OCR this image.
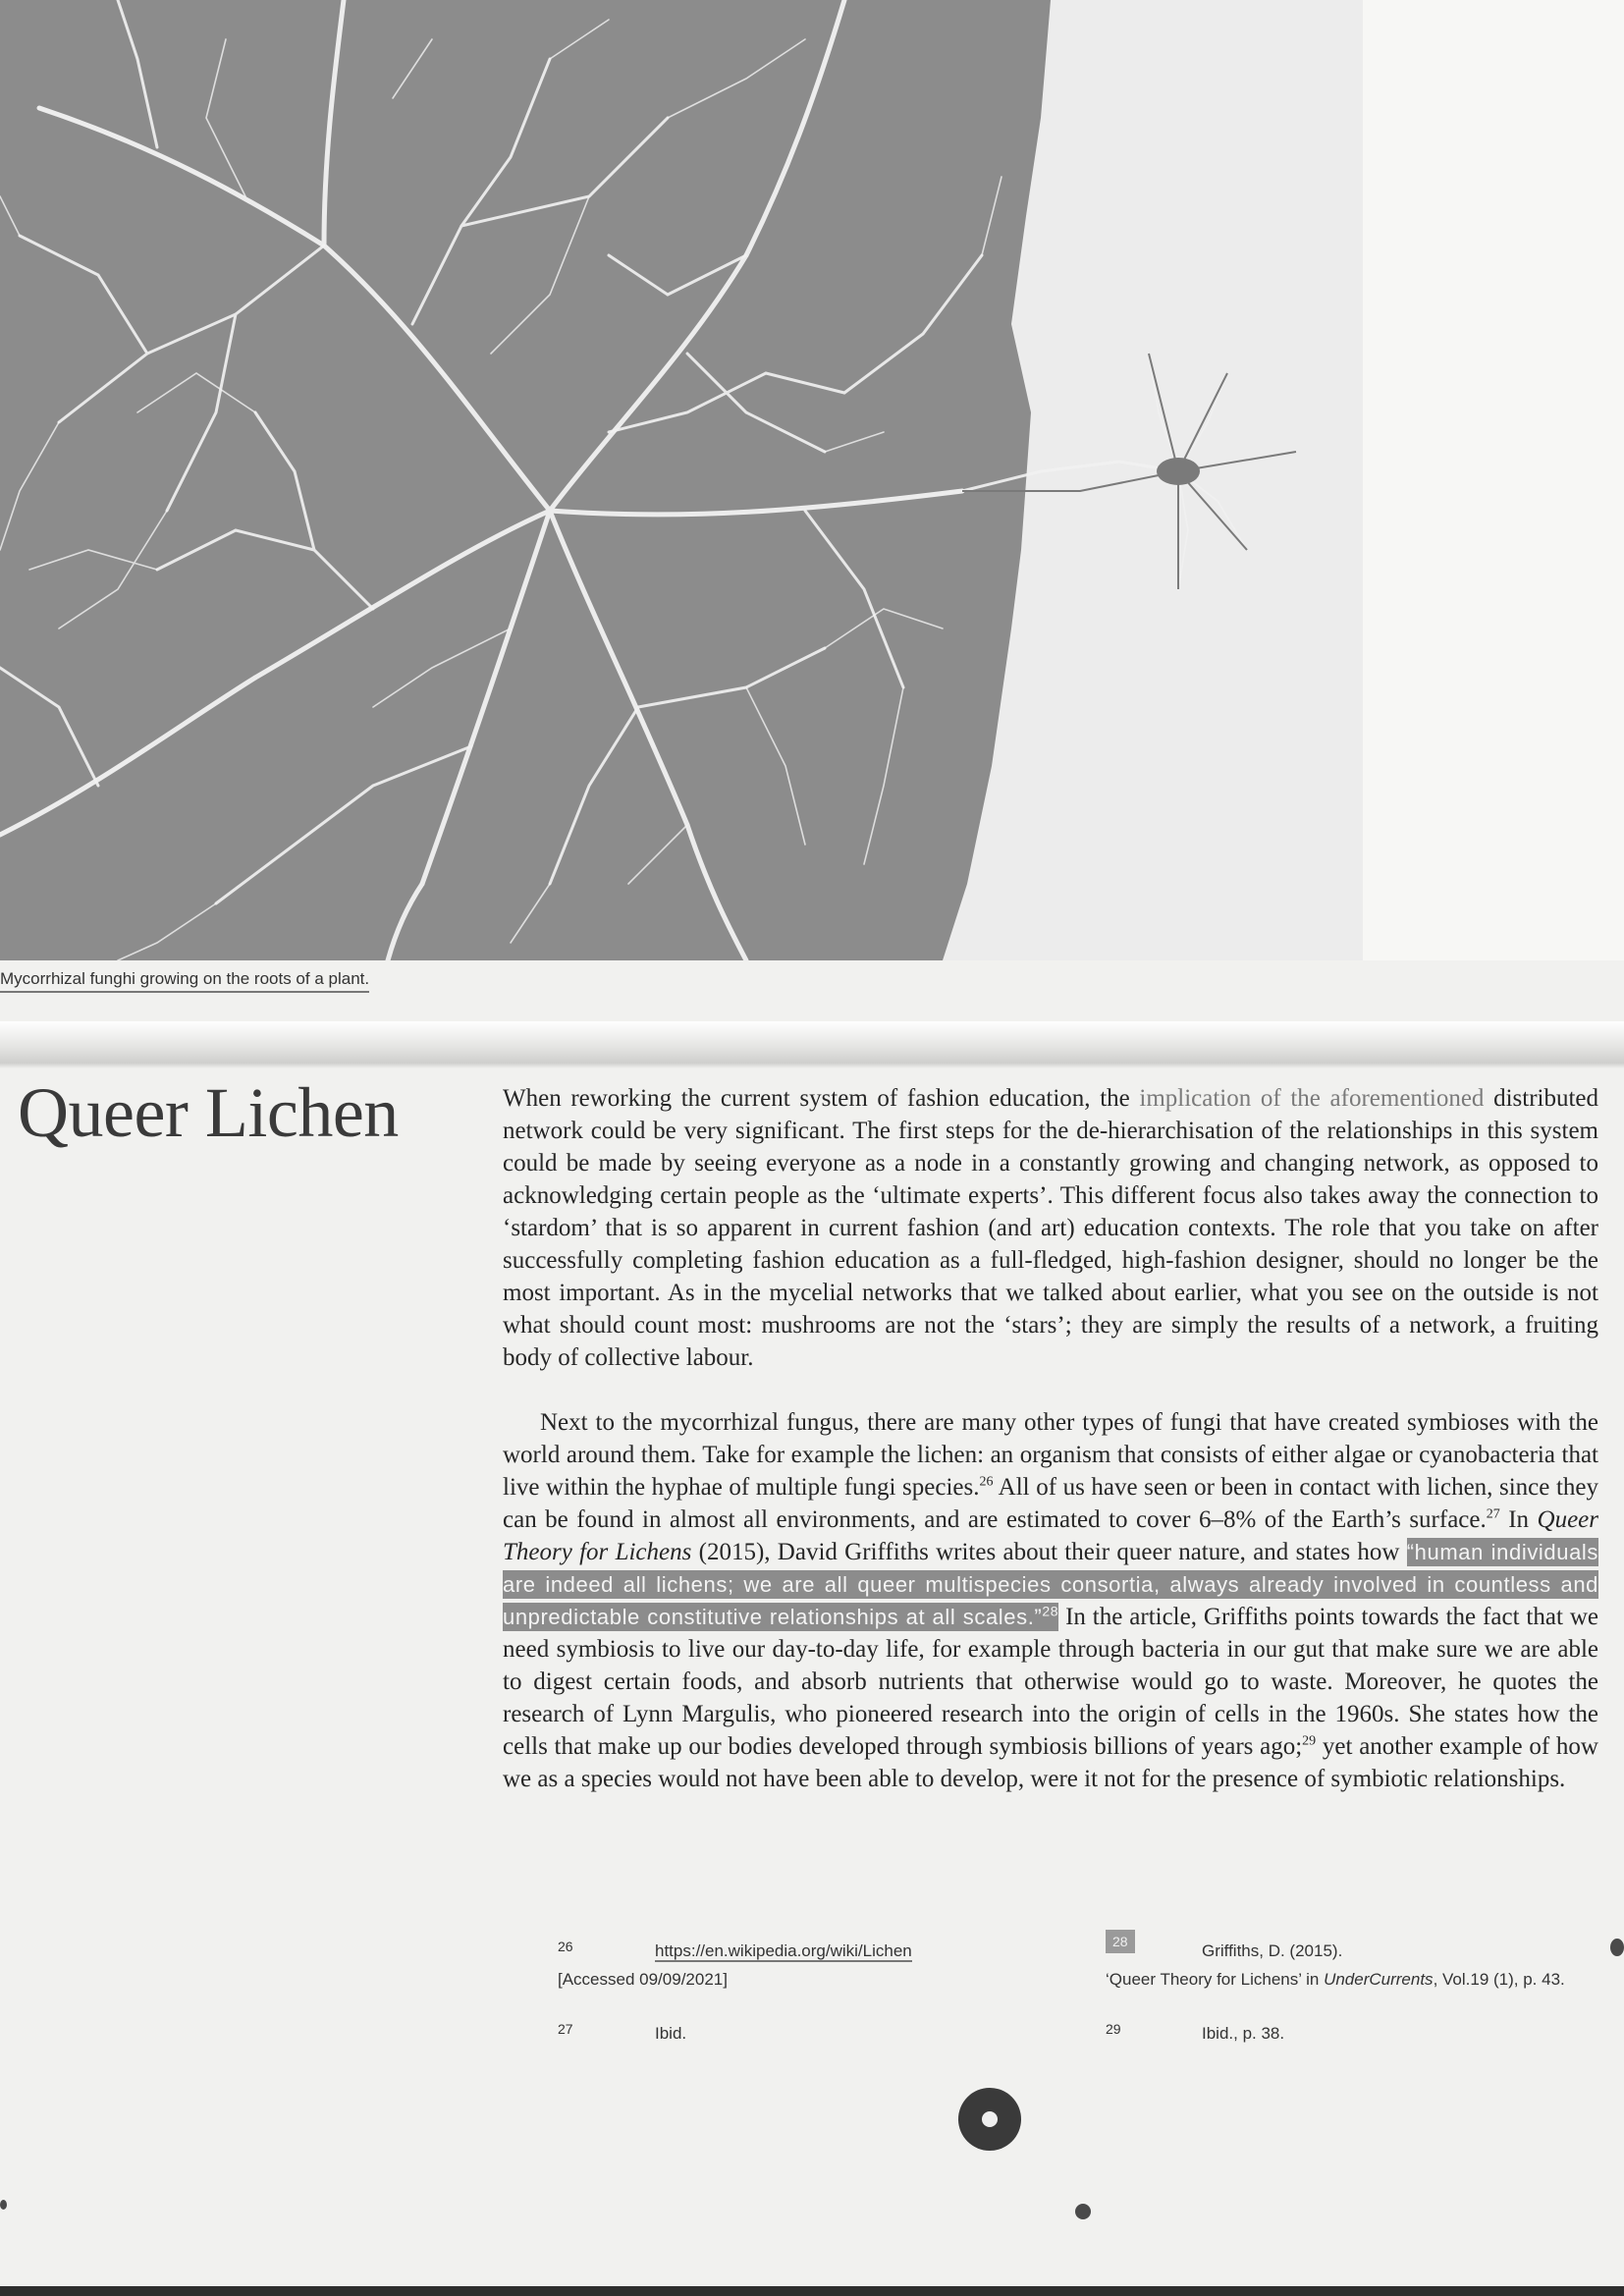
Mycorrhizal funghi growing on the roots of a plant.
Queer Lichen	When reworking the current system of fashion education, the implication of the aforementioned distributed network could be very significant. The first steps for the de-hierarchisation of the relationships in this system could be made by seeing everyone as a node in a constantly growing and changing network, as opposed to acknowledging certain people as the ‘ultimate experts’. This different focus also takes away the connection to ‘stardom’ that is so apparent in current fashion (and art) education contexts. The role that you take on after successfully completing fashion education as a full-fledged, high-fashion designer, should no longer be the most important. As in the mycelial networks that we talked about earlier, what you see on the outside is not what should count most: mushrooms are not the ‘stars’; they are simply the results of a network, a fruiting body of collective labour.

Next to the mycorrhizal fungus, there are many other types of fungi that have created symbioses with the world around them. Take for example the lichen: an organism that consists of either algae or cyanobacteria that live within the hyphae of multiple fungi species.$^{26}$ All of us have seen or been in contact with lichen, since they can be found in almost all environments, and are estimated to cover 6–8% of the Earth’s surface.$^{27}$ In Queer Theory for Lichens (2015), David Griffiths writes about their queer nature, and states how “human individuals are indeed all lichens; we are all queer multispecies consortia, always already involved in countless and unpredictable constitutive relationships at all scales.”$^{28}$ In the article, Griffiths points towards the fact that we need symbiosis to live our day-to-day life, for example through bacteria in our gut that make sure we are able to digest certain foods, and absorb nutrients that otherwise would go to waste. Moreover, he quotes the research of Lynn Margulis, who pioneered research into the origin of cells in the 1960s. She states how the cells that make up our bodies developed through symbiosis billions of years ago;$^{29}$ yet another example of how we as a species would not have been able to develop, were it not for the presence of symbiotic relationships.

26	https://en.wikipedia.org/wiki/Lichen
[Accessed 09/09/2021]
27	Ibid.
28	Griffiths, D. (2015).
‘Queer Theory for Lichens’ in UnderCurrents, Vol.19 (1), p. 43.
29	Ibid., p. 38.
